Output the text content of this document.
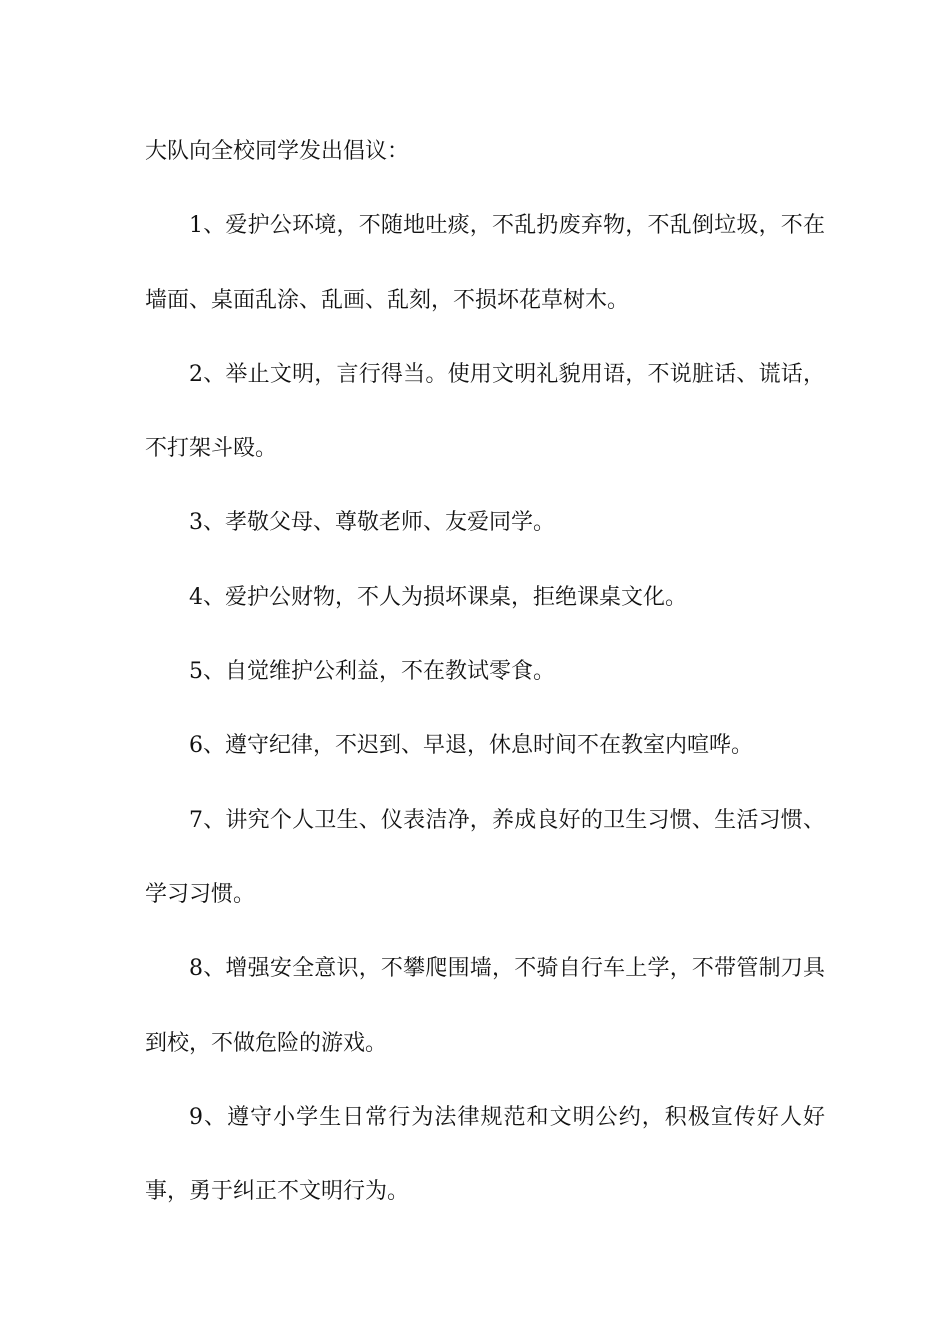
大队向全校同学发出倡议：

1、爱护公环境，不随地吐痰，不乱扔废弃物，不乱倒垃圾，不在墙面、桌面乱涂、乱画、乱刻，不损坏花草树木。

2、举止文明，言行得当。使用文明礼貌用语，不说脏话、谎话，不打架斗殴。

3、孝敬父母、尊敬老师、友爱同学。

4、爱护公财物，不人为损坏课桌，拒绝课桌文化。

5、自觉维护公利益，不在教试零食。

6、遵守纪律，不迟到、早退，休息时间不在教室内喧哗。

7、讲究个人卫生、仪表洁净，养成良好的卫生习惯、生活习惯、学习习惯。

8、增强安全意识，不攀爬围墙，不骑自行车上学，不带管制刀具到校，不做危险的游戏。

9、遵守小学生日常行为法律规范和文明公约，积极宣传好人好事，勇于纠正不文明行为。
